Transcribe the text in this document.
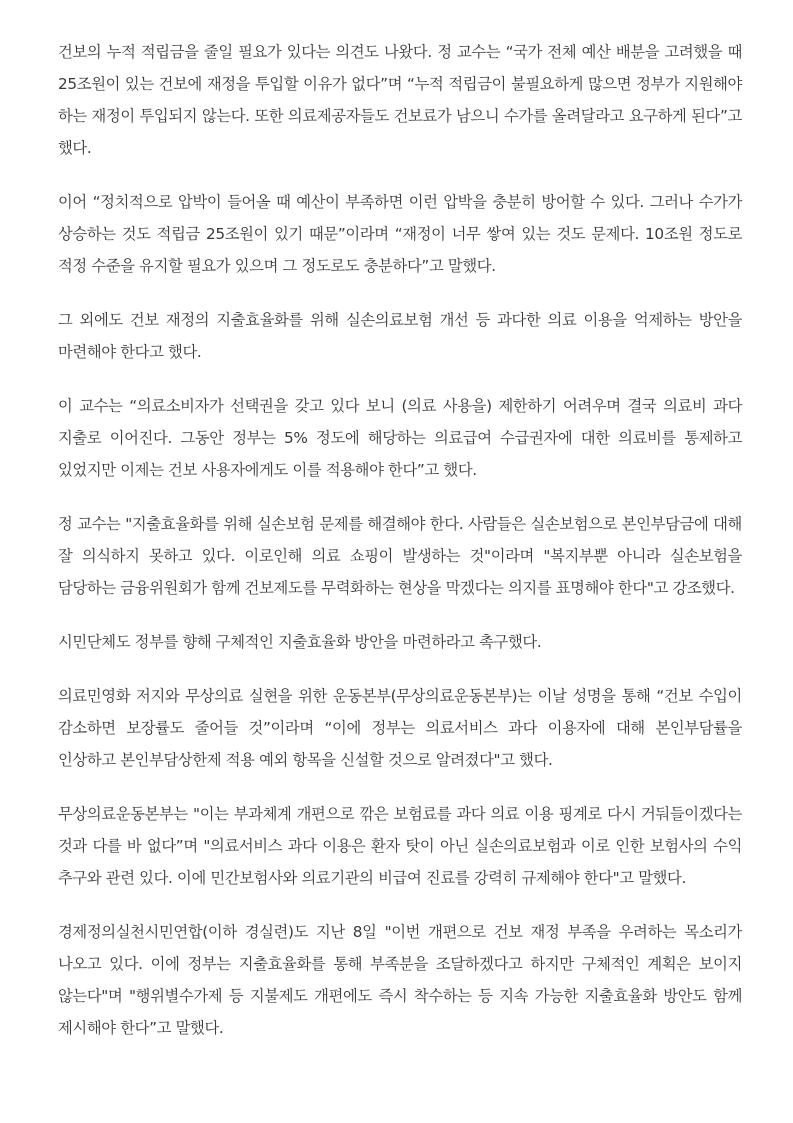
건보의 누적 적립금을 줄일 필요가 있다는 의견도 나왔다. 정 교수는 “국가 전체 예산 배분을 고려했을 때 25조원이 있는 건보에 재정을 투입할 이유가 없다”며 “누적 적립금이 불필요하게 많으면 정부가 지원해야 하는 재정이 투입되지 않는다. 또한 의료제공자들도 건보료가 남으니 수가를 올려달라고 요구하게 된다”고 했다.

이어 “정치적으로 압박이 들어올 때 예산이 부족하면 이런 압박을 충분히 방어할 수 있다. 그러나 수가가 상승하는 것도 적립금 25조원이 있기 때문”이라며 “재정이 너무 쌓여 있는 것도 문제다. 10조원 정도로 적정 수준을 유지할 필요가 있으며 그 정도로도 충분하다”고 말했다.

그 외에도 건보 재정의 지출효율화를 위해 실손의료보험 개선 등 과다한 의료 이용을 억제하는 방안을 마련해야 한다고 했다.

이 교수는 “의료소비자가 선택권을 갖고 있다 보니 (의료 사용을) 제한하기 어려우며 결국 의료비 과다 지출로 이어진다. 그동안 정부는 5% 정도에 해당하는 의료급여 수급권자에 대한 의료비를 통제하고 있었지만 이제는 건보 사용자에게도 이를 적용해야 한다”고 했다.

정 교수는 "지출효율화를 위해 실손보험 문제를 해결해야 한다. 사람들은 실손보험으로 본인부담금에 대해 잘 의식하지 못하고 있다. 이로인해 의료 쇼핑이 발생하는 것"이라며 "복지부뿐 아니라 실손보험을 담당하는 금융위원회가 함께 건보제도를 무력화하는 현상을 막겠다는 의지를 표명해야 한다"고 강조했다.

시민단체도 정부를 향해 구체적인 지출효율화 방안을 마련하라고 촉구했다.

의료민영화 저지와 무상의료 실현을 위한 운동본부(무상의료운동본부)는 이날 성명을 통해 “건보 수입이 감소하면 보장률도 줄어들 것”이라며 “이에 정부는 의료서비스 과다 이용자에 대해 본인부담률을 인상하고 본인부담상한제 적용 예외 항목을 신설할 것으로 알려졌다"고 했다.

무상의료운동본부는 "이는 부과체계 개편으로 깎은 보험료를 과다 의료 이용 핑계로 다시 거둬들이겠다는 것과 다를 바 없다”며 "의료서비스 과다 이용은 환자 탓이 아닌 실손의료보험과 이로 인한 보험사의 수익 추구와 관련 있다. 이에 민간보험사와 의료기관의 비급여 진료를 강력히 규제해야 한다"고 말했다.

경제정의실천시민연합(이하 경실련)도 지난 8일 "이번 개편으로 건보 재정 부족을 우려하는 목소리가 나오고 있다. 이에 정부는 지출효율화를 통해 부족분을 조달하겠다고 하지만 구체적인 계획은 보이지 않는다"며 "행위별수가제 등 지불제도 개편에도 즉시 착수하는 등 지속 가능한 지출효율화 방안도 함께 제시해야 한다”고 말했다.
